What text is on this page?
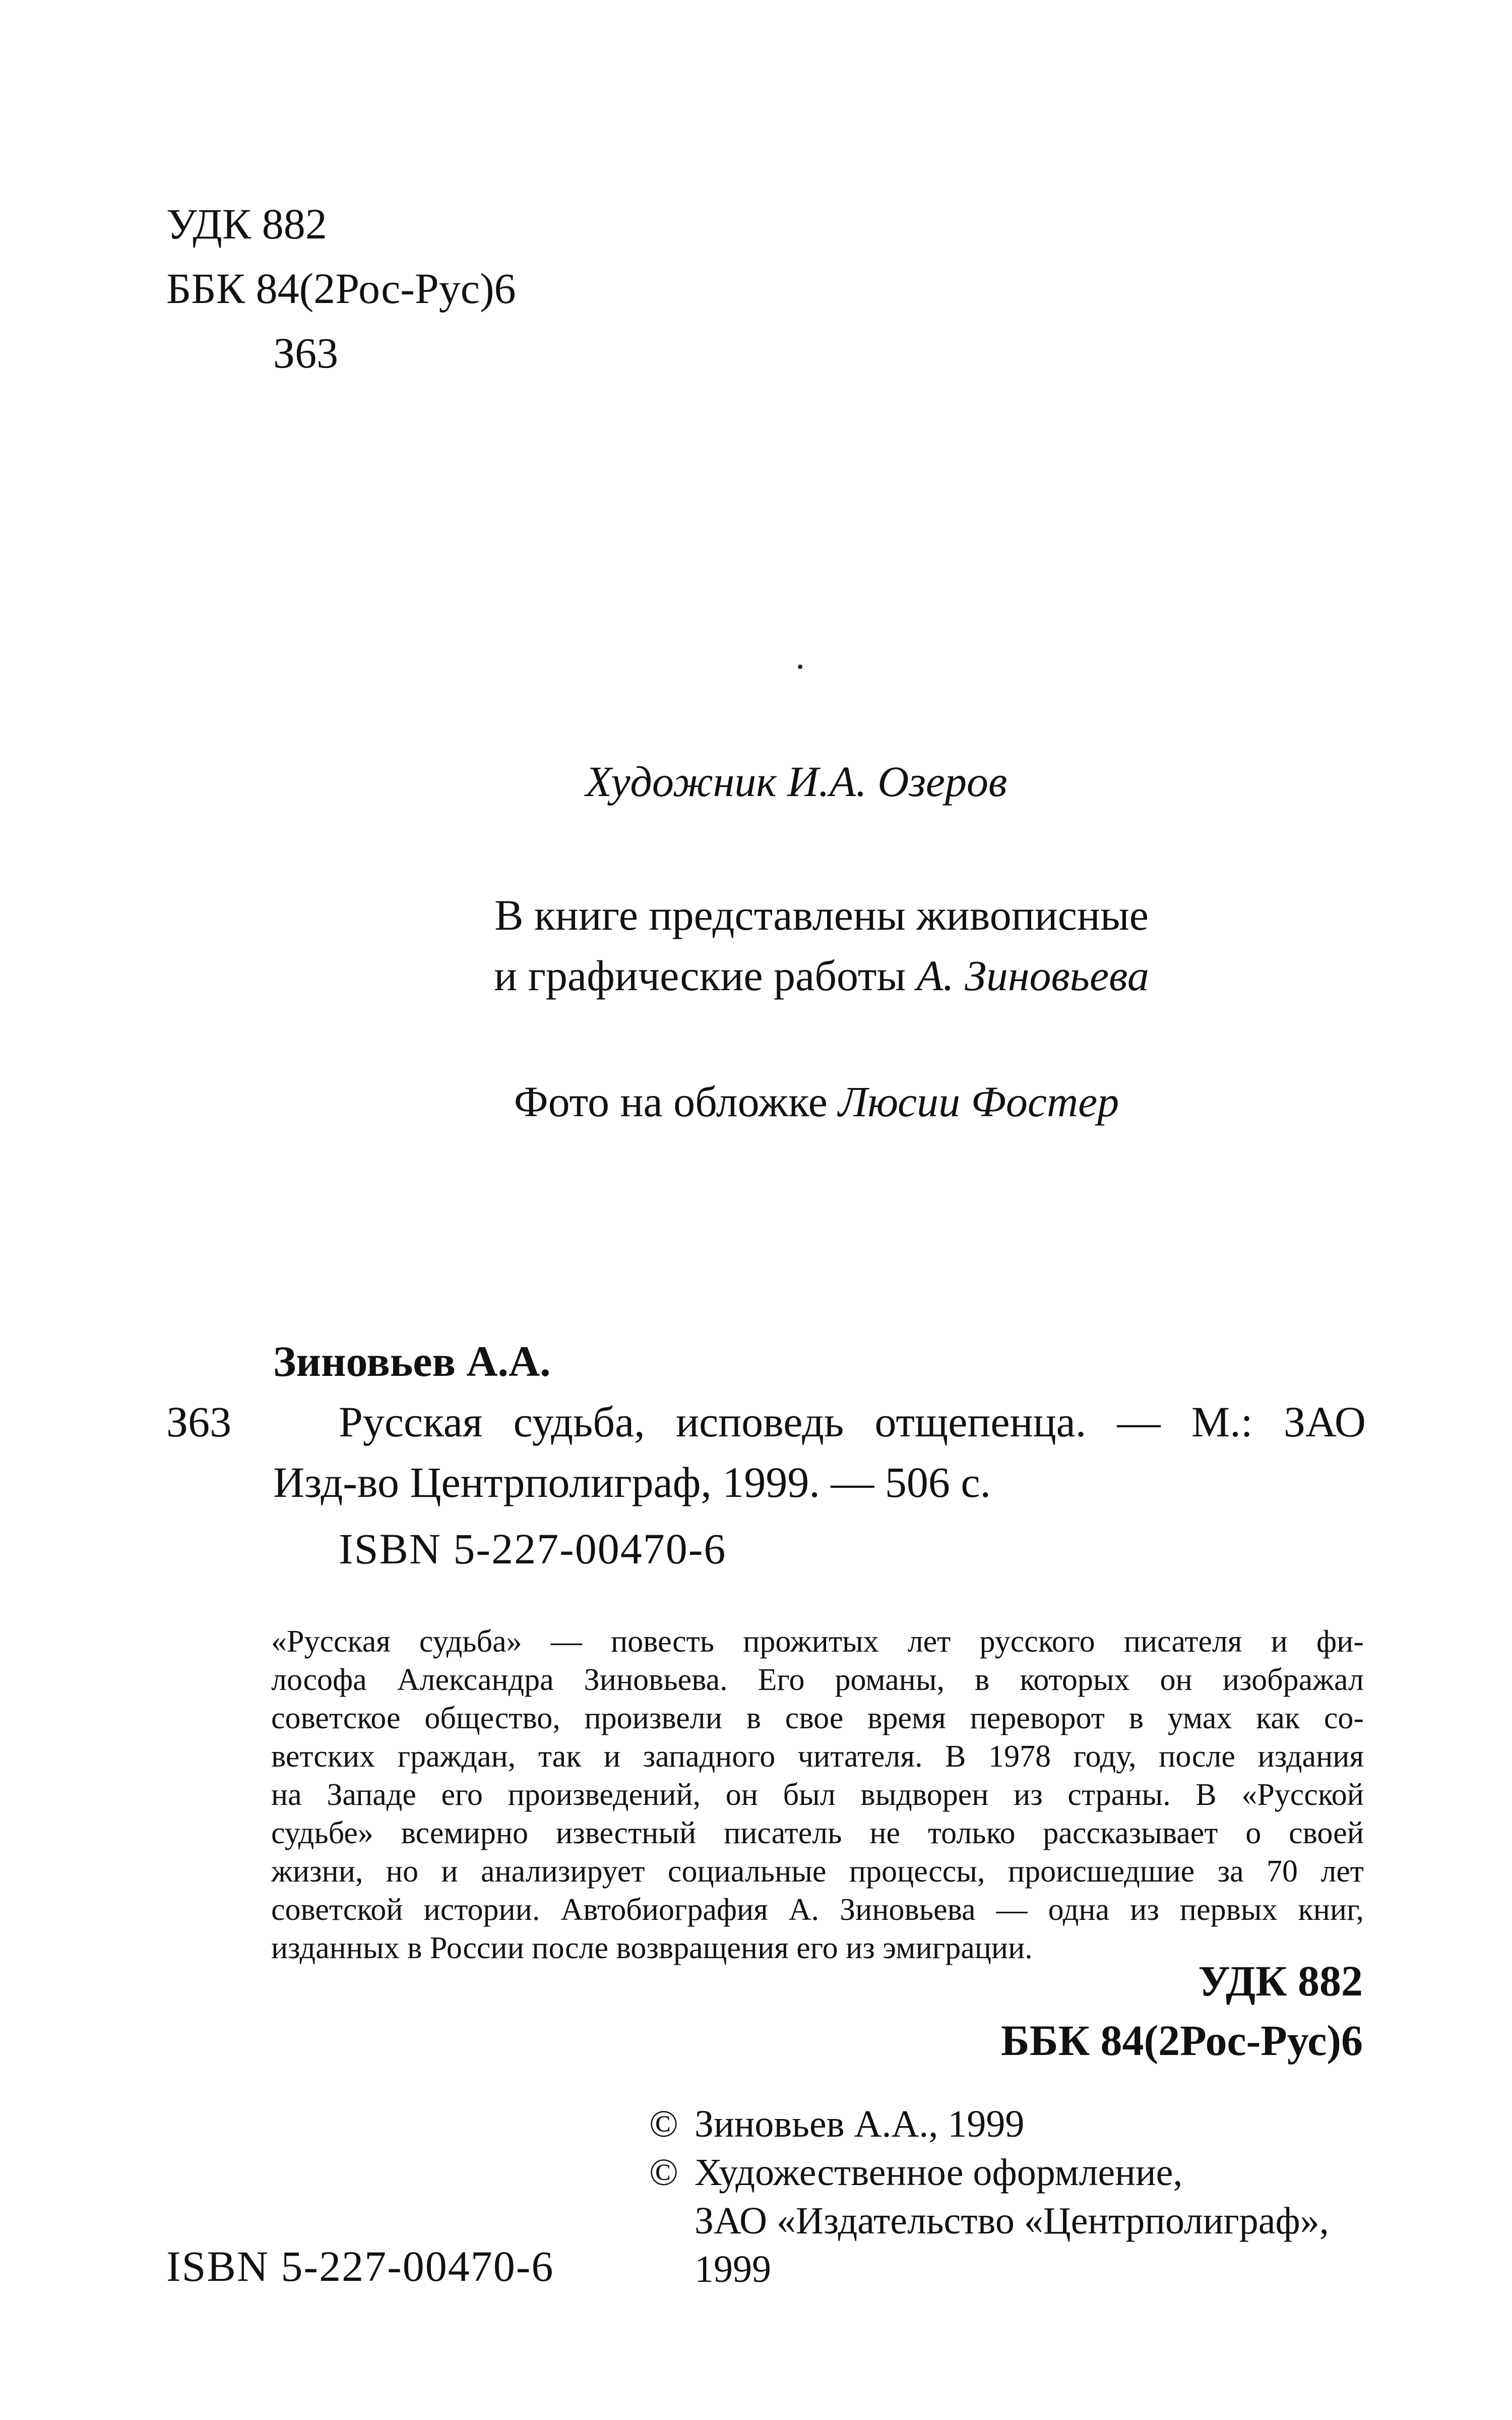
УДК 882
ББК 84(2Рос-Рус)6
З63
Художник И.А. Озеров
В книге представлены живописные
и графические работы А. Зиновьева
Фото на обложке Люсии Фостер
Зиновьев А.А.
З63	Русская судьба, исповедь отщепенца. — М.: ЗАО
Изд-во Центрполиграф, 1999. — 506 с.
ISBN 5-227-00470-6
«Русская судьба» — повесть прожитых лет русского писателя и фи-
лософа Александра Зиновьева. Его романы, в которых он изображал
советское общество, произвели в свое время переворот в умах как со-
ветских граждан, так и западного читателя. В 1978 году, после издания
на Западе его произведений, он был выдворен из страны. В «Русской
судьбе» всемирно известный писатель не только рассказывает о своей
жизни, но и анализирует социальные процессы, происшедшие за 70 лет
советской истории. Автобиография А. Зиновьева — одна из первых книг,
изданных в России после возвращения его из эмиграции.
УДК 882
ББК 84(2Рос-Рус)6
© Зиновьев А.А., 1999
© Художественное оформление,
ЗАО «Издательство «Центрполиграф»,
1999
ISBN 5-227-00470-6
